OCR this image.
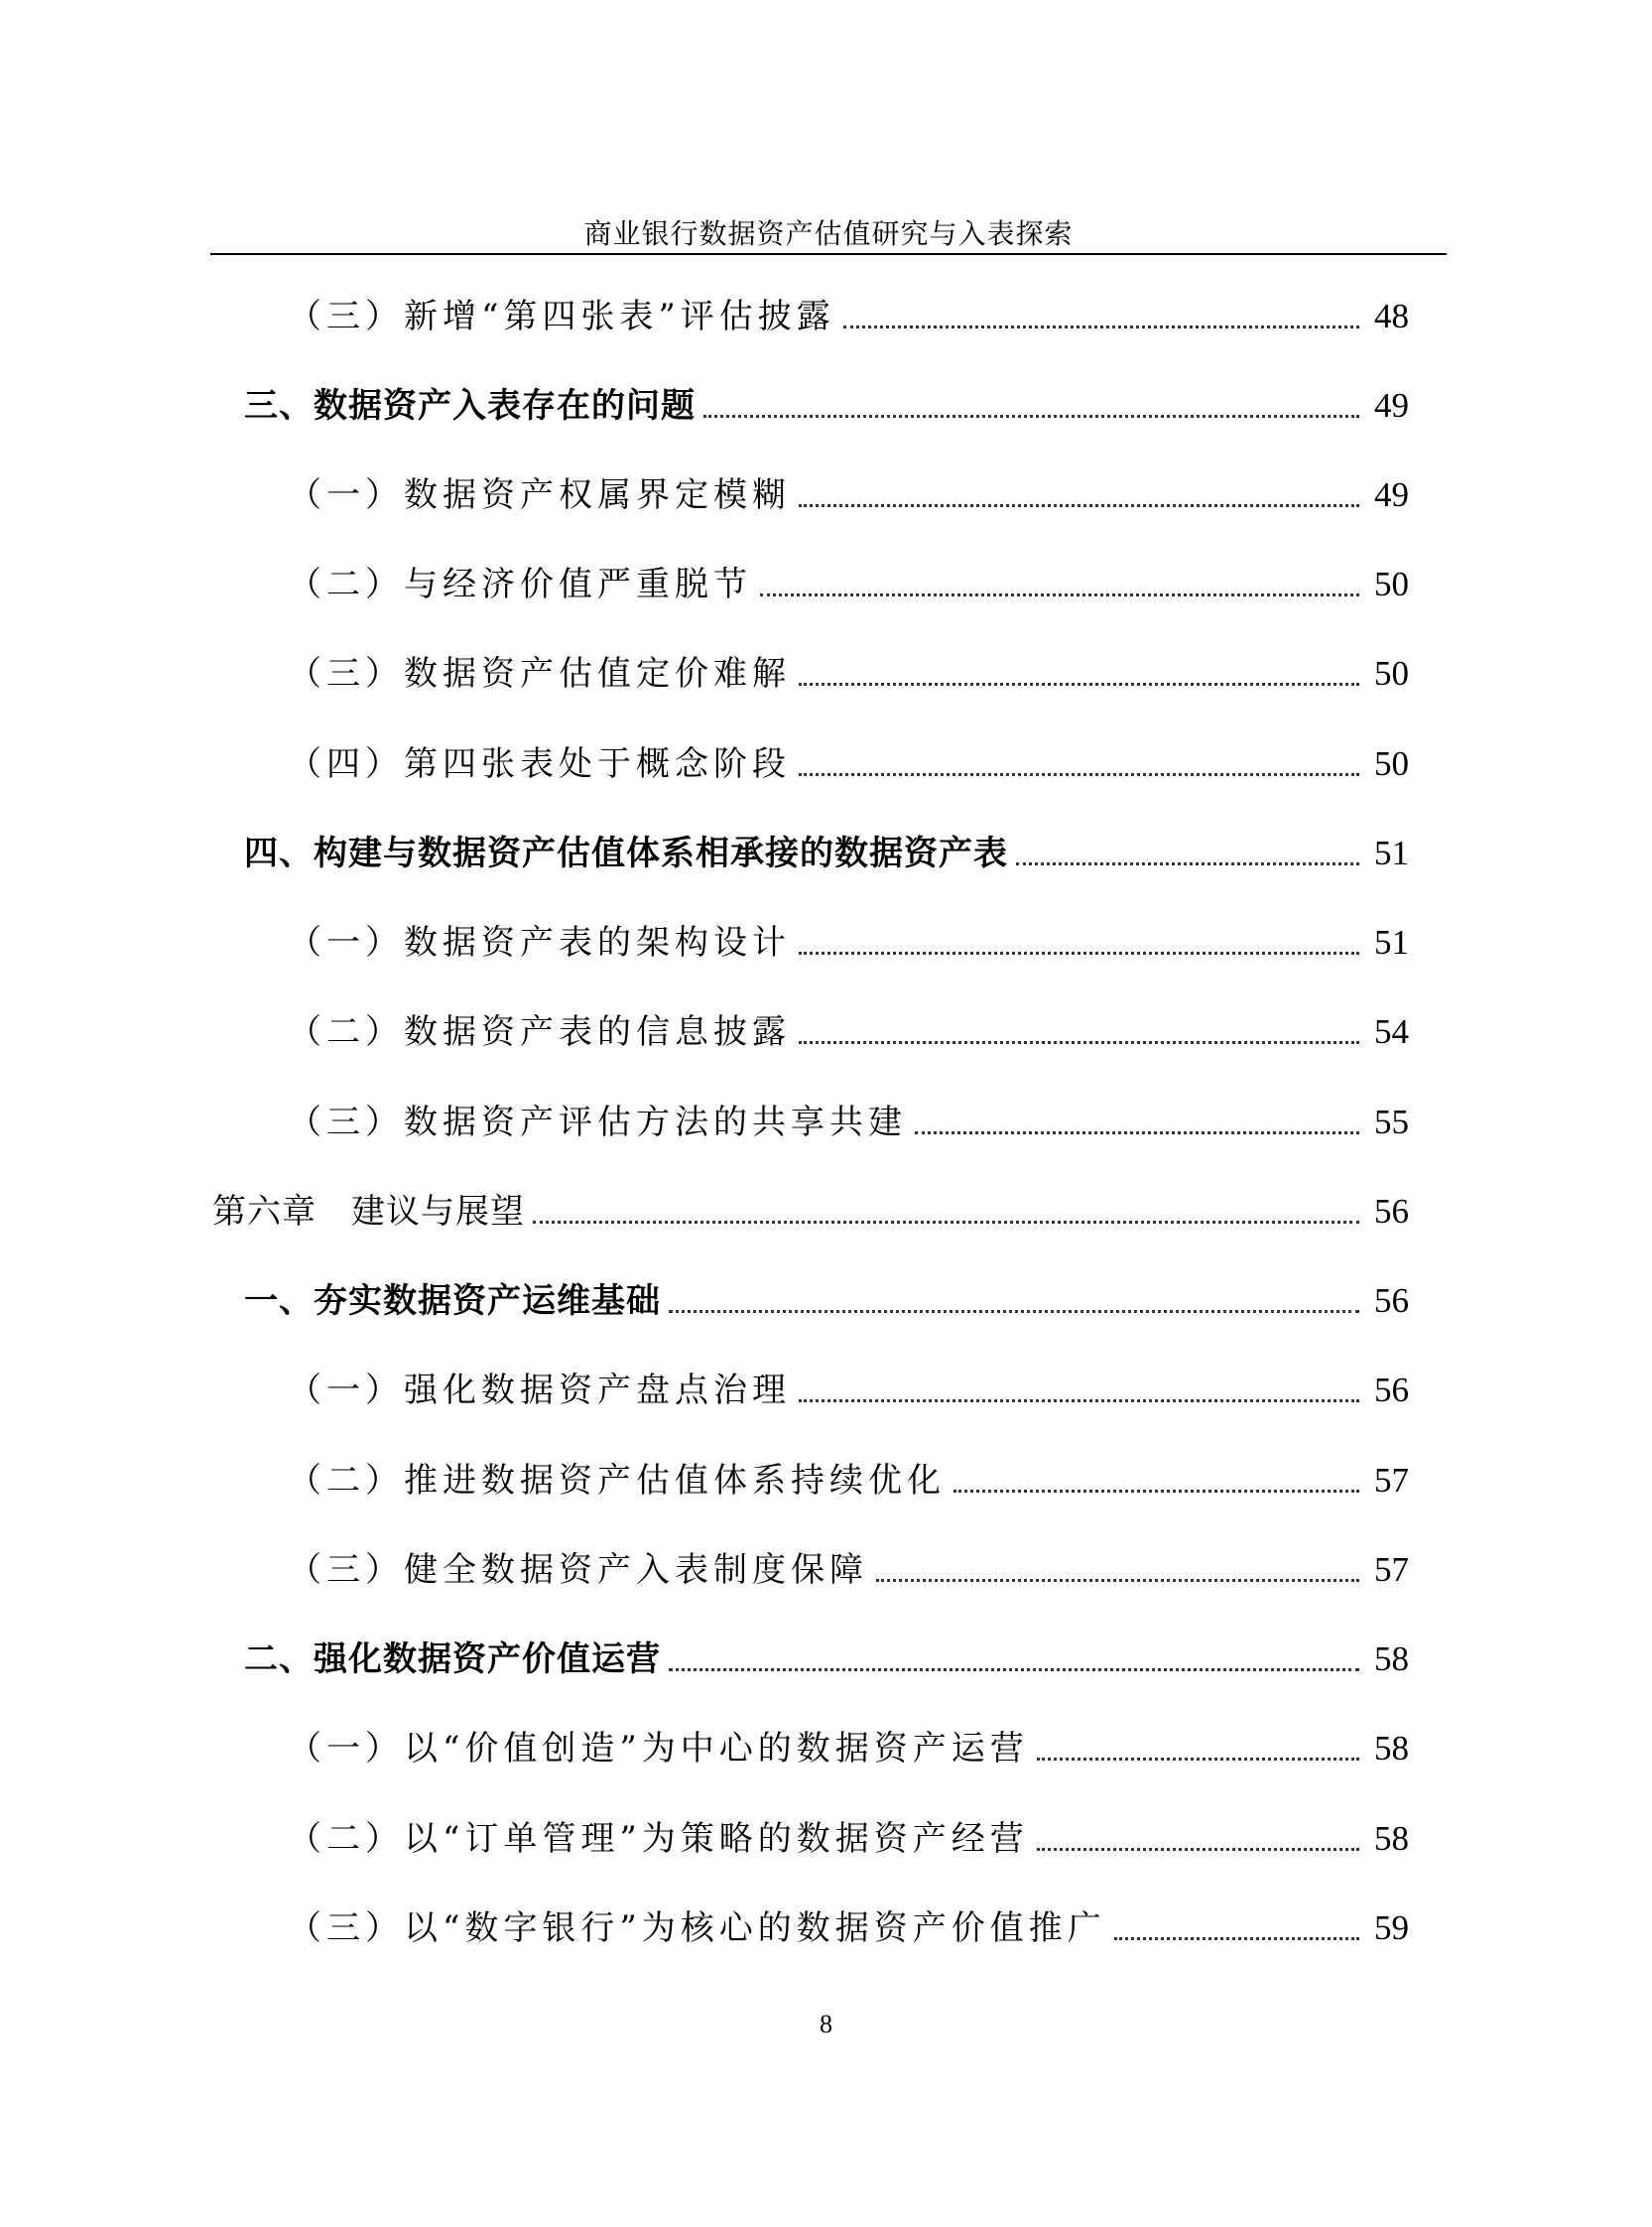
商业银行数据资产估值研究与入表探索
（三）新增“第四张表”评估披露	48
三、数据资产入表存在的问题	49
（一）数据资产权属界定模糊	49
（二）与经济价值严重脱节	50
（三）数据资产估值定价难解	50
（四）第四张表处于概念阶段	50
四、构建与数据资产估值体系相承接的数据资产表	51
（一）数据资产表的架构设计	51
（二）数据资产表的信息披露	54
（三）数据资产评估方法的共享共建	55
第六章　建议与展望	56
一、夯实数据资产运维基础	56
（一）强化数据资产盘点治理	56
（二）推进数据资产估值体系持续优化	57
（三）健全数据资产入表制度保障	57
二、强化数据资产价值运营	58
（一）以“价值创造”为中心的数据资产运营	58
（二）以“订单管理”为策略的数据资产经营	58
（三）以“数字银行”为核心的数据资产价值推广	59
8
